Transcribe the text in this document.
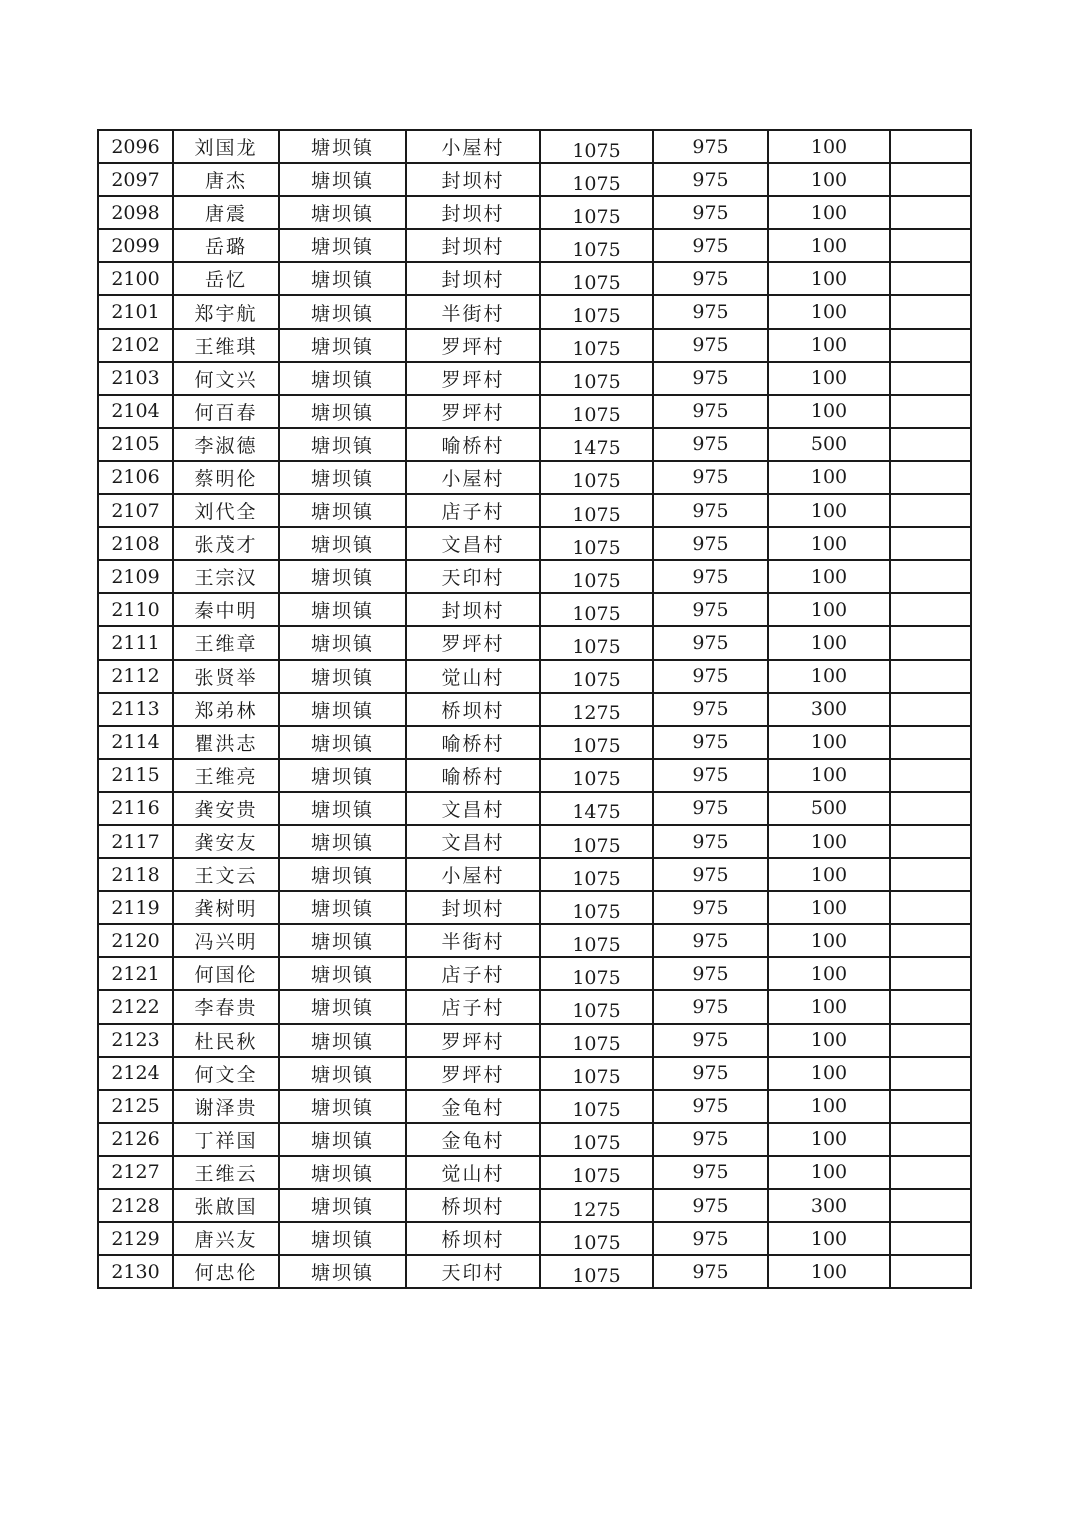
2096	刘国龙	塘坝镇	小屋村	1075	975	100	
2097	唐杰	塘坝镇	封坝村	1075	975	100	
2098	唐震	塘坝镇	封坝村	1075	975	100	
2099	岳璐	塘坝镇	封坝村	1075	975	100	
2100	岳忆	塘坝镇	封坝村	1075	975	100	
2101	郑宇航	塘坝镇	半街村	1075	975	100	
2102	王维琪	塘坝镇	罗坪村	1075	975	100	
2103	何文兴	塘坝镇	罗坪村	1075	975	100	
2104	何百春	塘坝镇	罗坪村	1075	975	100	
2105	李淑德	塘坝镇	喻桥村	1475	975	500	
2106	蔡明伦	塘坝镇	小屋村	1075	975	100	
2107	刘代全	塘坝镇	店子村	1075	975	100	
2108	张茂才	塘坝镇	文昌村	1075	975	100	
2109	王宗汉	塘坝镇	天印村	1075	975	100	
2110	秦中明	塘坝镇	封坝村	1075	975	100	
2111	王维章	塘坝镇	罗坪村	1075	975	100	
2112	张贤举	塘坝镇	觉山村	1075	975	100	
2113	郑弟林	塘坝镇	桥坝村	1275	975	300	
2114	瞿洪志	塘坝镇	喻桥村	1075	975	100	
2115	王维亮	塘坝镇	喻桥村	1075	975	100	
2116	龚安贵	塘坝镇	文昌村	1475	975	500	
2117	龚安友	塘坝镇	文昌村	1075	975	100	
2118	王文云	塘坝镇	小屋村	1075	975	100	
2119	龚树明	塘坝镇	封坝村	1075	975	100	
2120	冯兴明	塘坝镇	半街村	1075	975	100	
2121	何国伦	塘坝镇	店子村	1075	975	100	
2122	李春贵	塘坝镇	店子村	1075	975	100	
2123	杜民秋	塘坝镇	罗坪村	1075	975	100	
2124	何文全	塘坝镇	罗坪村	1075	975	100	
2125	谢泽贵	塘坝镇	金龟村	1075	975	100	
2126	丁祥国	塘坝镇	金龟村	1075	975	100	
2127	王维云	塘坝镇	觉山村	1075	975	100	
2128	张啟国	塘坝镇	桥坝村	1275	975	300	
2129	唐兴友	塘坝镇	桥坝村	1075	975	100	
2130	何忠伦	塘坝镇	天印村	1075	975	100	
